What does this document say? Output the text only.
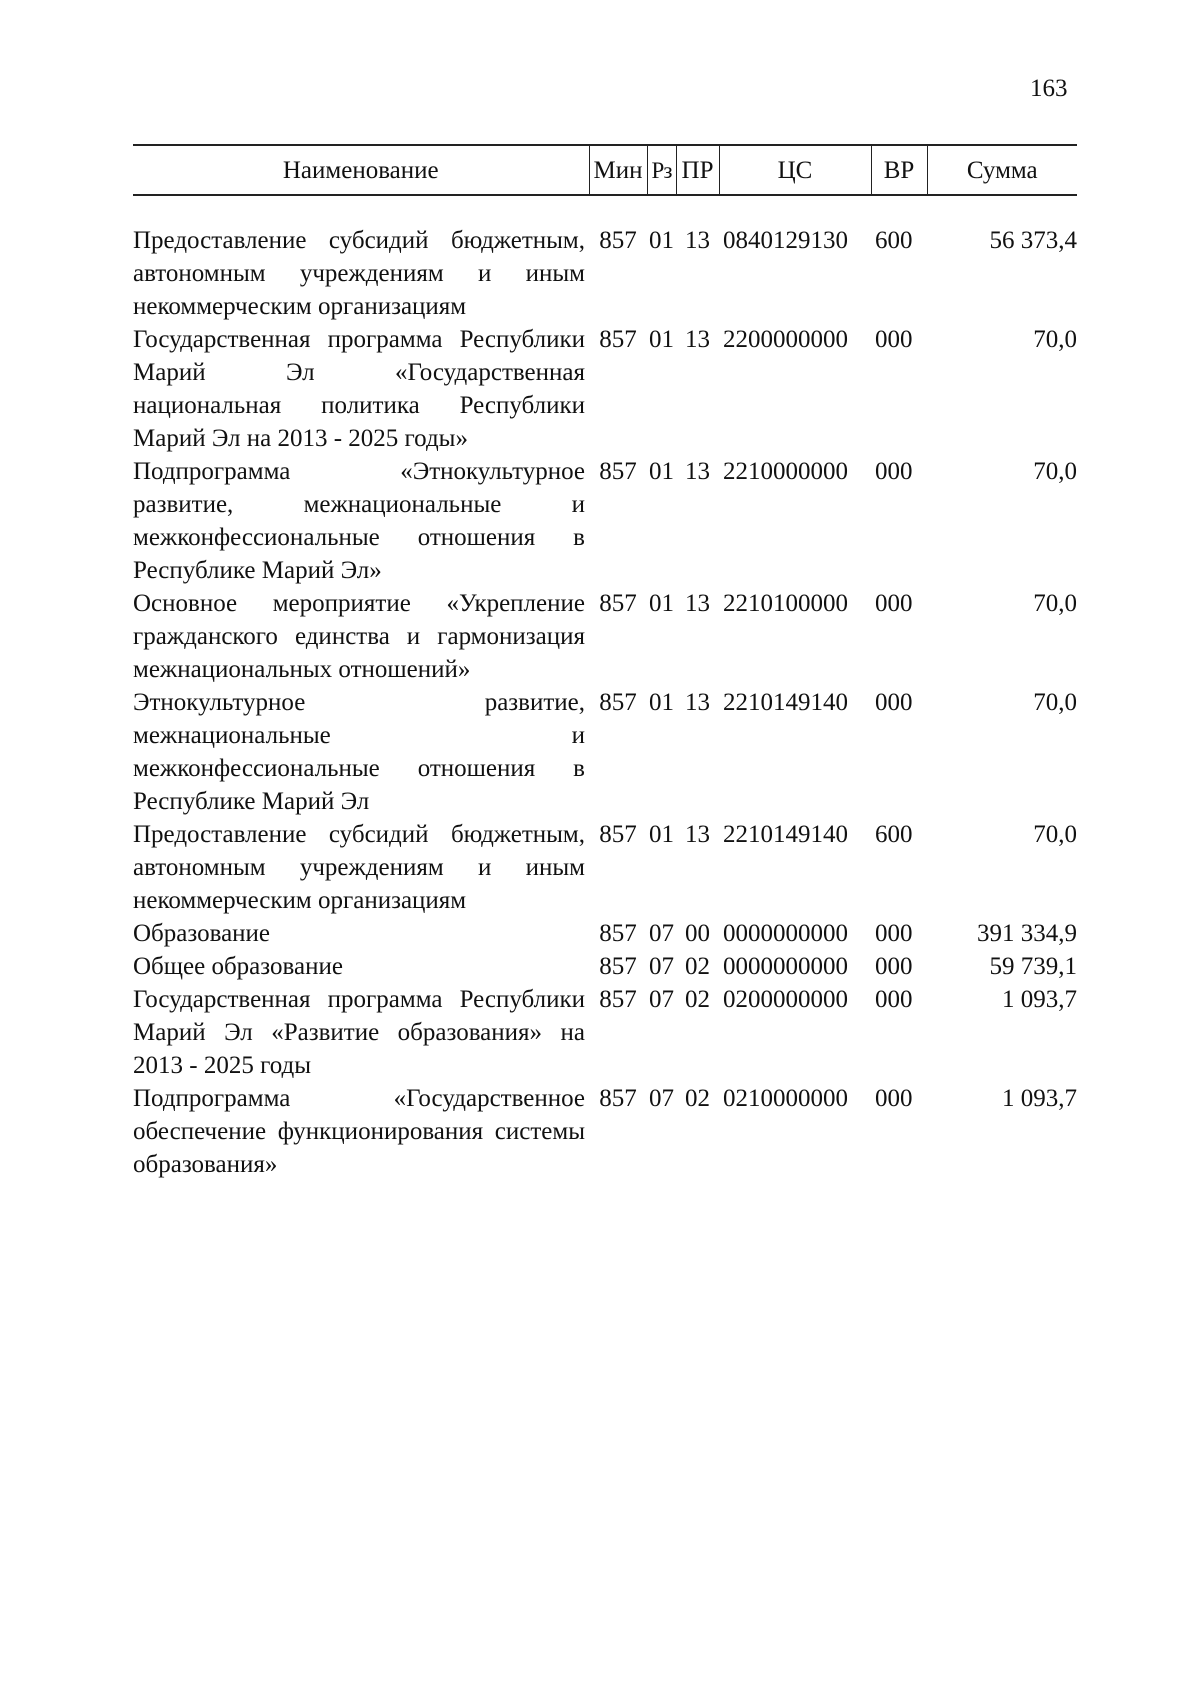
163
Наименование	Мин	Рз	ПР	ЦС	ВР	Сумма

Предоставление субсидий бюджетным, автономным учреждениям и иным некоммерческим организациям	857	01	13	0840129130	600	56 373,4
Государственная программа Республики Марий Эл «Государственная национальная политика Республики Марий Эл на 2013 - 2025 годы»	857	01	13	2200000000	000	70,0
Подпрограмма «Этнокультурное развитие, межнациональные и межконфессиональные отношения в Республике Марий Эл»	857	01	13	2210000000	000	70,0
Основное мероприятие «Укрепление гражданского единства и гармонизация межнациональных отношений»	857	01	13	2210100000	000	70,0
Этнокультурное развитие, межнациональные и межконфессиональные отношения в Республике Марий Эл	857	01	13	2210149140	000	70,0
Предоставление субсидий бюджетным, автономным учреждениям и иным некоммерческим организациям	857	01	13	2210149140	600	70,0
Образование	857	07	00	0000000000	000	391 334,9
Общее образование	857	07	02	0000000000	000	59 739,1
Государственная программа Республики Марий Эл «Развитие образования» на 2013 - 2025 годы	857	07	02	0200000000	000	1 093,7
Подпрограмма «Государственное обеспечение функционирования системы образования»	857	07	02	0210000000	000	1 093,7
